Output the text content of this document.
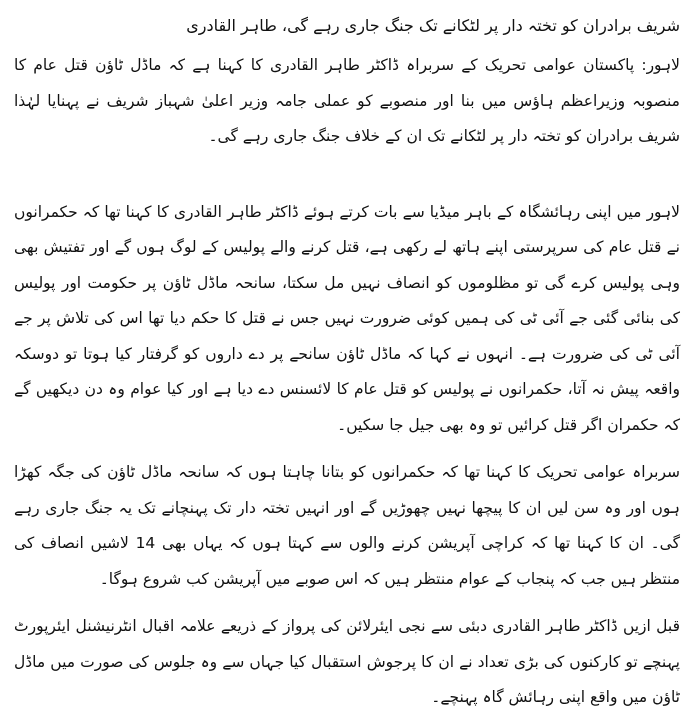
شریف برادران کو تختہ دار پر لٹکانے تک جنگ جاری رہے گی، طاہر القادری

لاہور: پاکستان عوامی تحریک کے سربراہ ڈاکٹر طاہر القادری کا کہنا ہے کہ ماڈل ٹاؤن قتل عام کا منصوبہ وزیراعظم ہاؤس میں بنا اور منصوبے کو عملی جامہ وزیر اعلیٰ شہباز شریف نے پہنایا لہٰذا شریف برادران کو تختہ دار پر لٹکانے تک ان کے خلاف جنگ جاری رہے گی۔

لاہور میں اپنی رہائشگاہ کے باہر میڈیا سے بات کرتے ہوئے ڈاکٹر طاہر القادری کا کہنا تھا کہ حکمرانوں نے قتل عام کی سرپرستی اپنے ہاتھ لے رکھی ہے، قتل کرنے والے پولیس کے لوگ ہوں گے اور تفتیش بھی وہی پولیس کرے گی تو مظلوموں کو انصاف نہیں مل سکتا، سانحہ ماڈل ٹاؤن پر حکومت اور پولیس کی بنائی گئی جے آئی ٹی کی ہمیں کوئی ضرورت نہیں جس نے قتل کا حکم دیا تھا اس کی تلاش پر جے آئی ٹی کی ضرورت ہے۔ انہوں نے کہا کہ ماڈل ٹاؤن سانحے پر دے داروں کو گرفتار کیا ہوتا تو دوسکہ واقعہ پیش نہ آتا، حکمرانوں نے پولیس کو قتل عام کا لائسنس دے دیا ہے اور کیا عوام وہ دن دیکھیں گے کہ حکمران اگر قتل کرائیں تو وہ بھی جیل جا سکیں۔

سربراہ عوامی تحریک کا کہنا تھا کہ حکمرانوں کو بتانا چاہتا ہوں کہ سانحہ ماڈل ٹاؤن کی جگہ کھڑا ہوں اور وہ سن لیں ان کا پیچھا نہیں چھوڑیں گے اور انہیں تختہ دار تک پہنچانے تک یہ جنگ جاری رہے گی۔ ان کا کہنا تھا کہ کراچی آپریشن کرنے والوں سے کہتا ہوں کہ یہاں بھی 14 لاشیں انصاف کی منتظر ہیں جب کہ پنجاب کے عوام منتظر ہیں کہ اس صوبے میں آپریشن کب شروع ہوگا۔

قبل ازیں ڈاکٹر طاہر القادری دبئی سے نجی ایئرلائن کی پرواز کے ذریعے علامہ اقبال انٹرنیشنل ایئرپورٹ پہنچے تو کارکنوں کی بڑی تعداد نے ان کا پرجوش استقبال کیا جہاں سے وہ جلوس کی صورت میں ماڈل ٹاؤن میں واقع اپنی رہائش گاہ پہنچے۔
